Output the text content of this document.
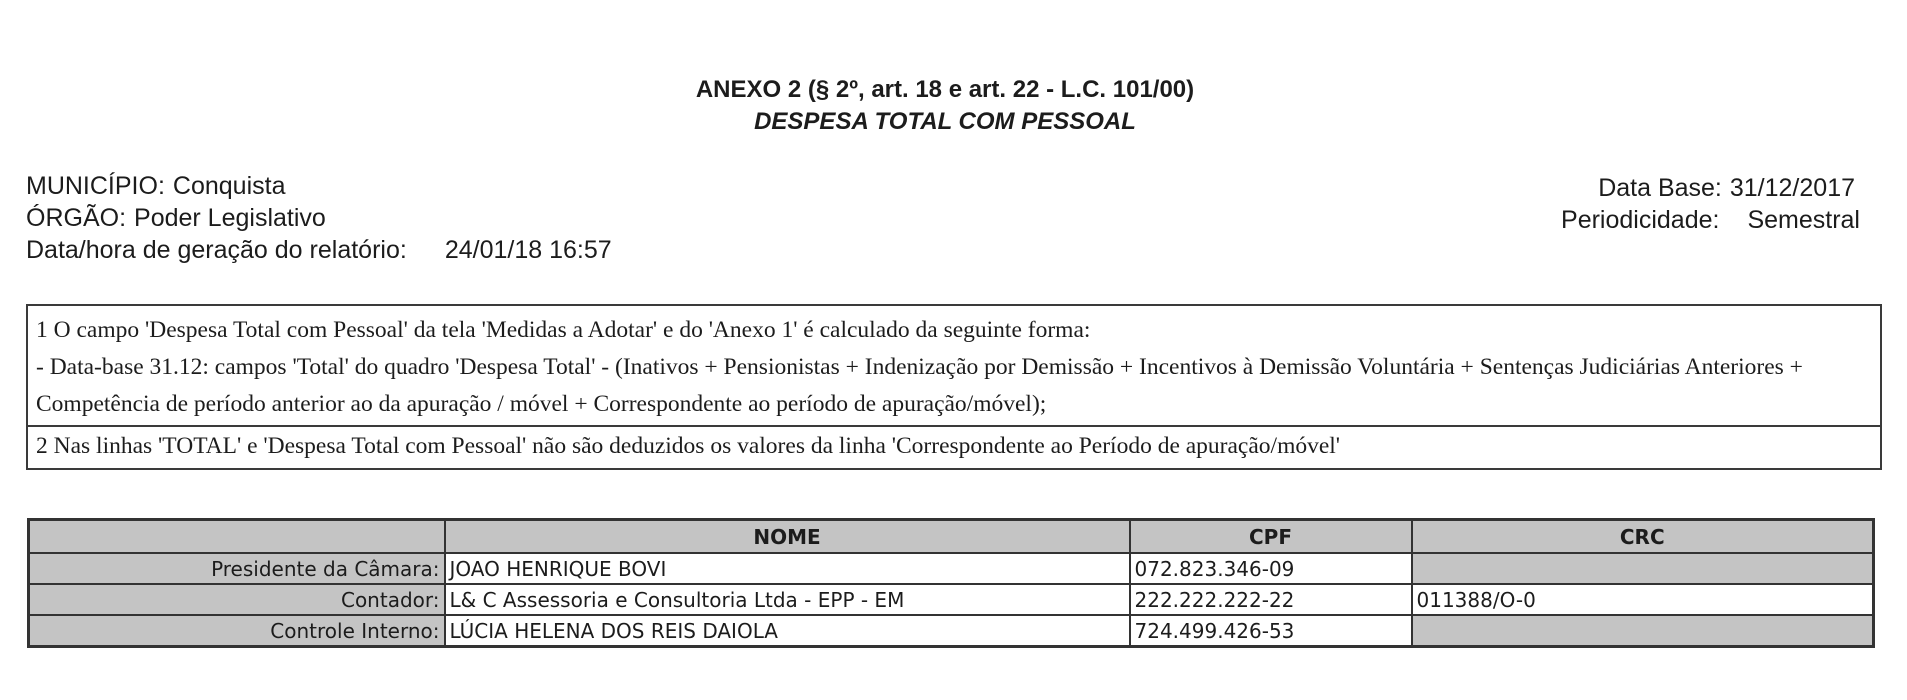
ANEXO 2 (§ 2º, art. 18 e art. 22 - L.C. 101/00)
DESPESA TOTAL COM PESSOAL
MUNICÍPIO: Conquista
ÓRGÃO: Poder Legislativo
Data/hora de geração do relatório: 24/01/18 16:57
Data Base: 31/12/2017
Periodicidade: Semestral
1 O campo 'Despesa Total com Pessoal' da tela 'Medidas a Adotar' e do 'Anexo 1' é calculado da seguinte forma:
- Data-base 31.12: campos 'Total' do quadro 'Despesa Total' - (Inativos + Pensionistas + Indenização por Demissão + Incentivos à Demissão Voluntária + Sentenças Judiciárias Anteriores + Competência de período anterior ao da apuração / móvel + Correspondente ao período de apuração/móvel);
2 Nas linhas 'TOTAL' e 'Despesa Total com Pessoal' não são deduzidos os valores da linha 'Correspondente ao Período de apuração/móvel'
	NOME	CPF	CRC
Presidente da Câmara:	JOAO HENRIQUE BOVI	072.823.346-09	
Contador:	L& C Assessoria e Consultoria Ltda - EPP - EM	222.222.222-22	011388/O-0
Controle Interno:	LÚCIA HELENA DOS REIS DAIOLA	724.499.426-53	
